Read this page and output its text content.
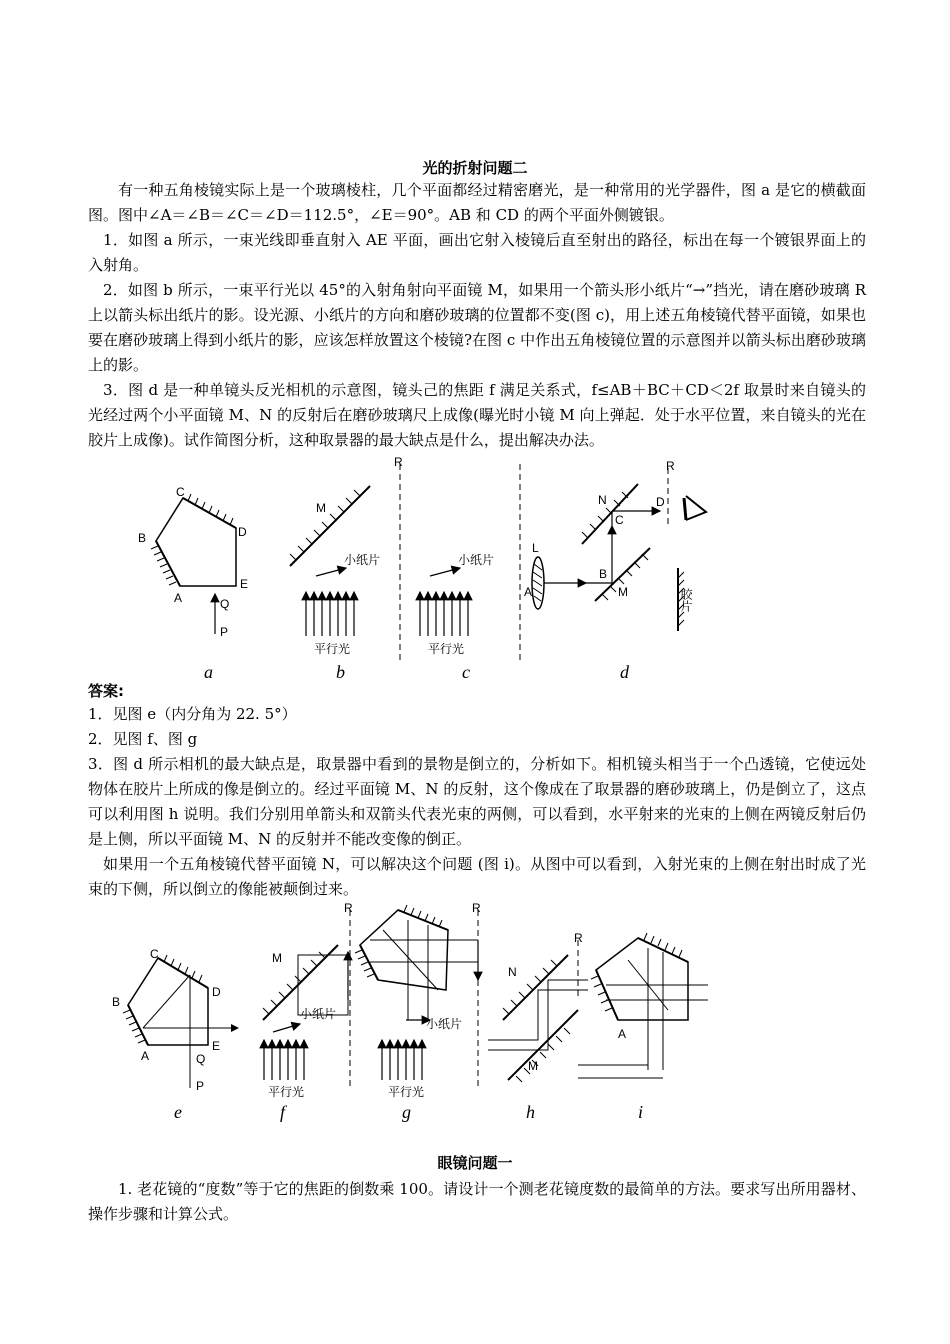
光的折射问题二
有一种五角棱镜实际上是一个玻璃棱柱，几个平面都经过精密磨光，是一种常用的光学器件，图 a 是它的横截面图。图中∠A＝∠B＝∠C＝∠D＝112.5°，∠E＝90°。AB 和 CD 的两个平面外侧镀银。
1．如图 a 所示，一束光线即垂直射入 AE 平面，画出它射入棱镜后直至射出的路径，标出在每一个镀银界面上的入射角。
2．如图 b 所示，一束平行光以 45°的入射角射向平面镜 M，如果用一个箭头形小纸片“→”挡光，请在磨砂玻璃 R 上以箭头标出纸片的影。设光源、小纸片的方向和磨砂玻璃的位置都不变(图 c)，用上述五角棱镜代替平面镜，如果也要在磨砂玻璃上得到小纸片的影，应该怎样放置这个棱镜?在图 c 中作出五角棱镜位置的示意图并以箭头标出磨砂玻璃上的影。
3．图 d 是一种单镜头反光相机的示意图，镜头己的焦距 f 满足关系式，f≤AB＋BC＋CD＜2f 取景时来自镜头的光经过两个小平面镜 M、N 的反射后在磨砂玻璃尺上成像(曝光时小镜 M 向上弹起．处于水平位置，来自镜头的光在胶片上成像)。试作简图分析，这种取景器的最大缺点是什么，提出解决办法。
A
B
C
D
E
P
Q
a
M
R
小纸片
平行光
b
小纸片
平行光
c
L
A	M
B
N
C
D
R
胶片
d
答案:
1．见图 e（内分角为 22. 5°）
2．见图 f、图 g
3．图 d 所示相机的最大缺点是，取景器中看到的景物是倒立的，分析如下。相机镜头相当于一个凸透镜，它使远处物体在胶片上所成的像是倒立的。经过平面镜 M、N 的反射，这个像成在了取景器的磨砂玻璃上，仍是倒立了，这点可以利用图 h 说明。我们分别用单箭头和双箭头代表光束的两侧，可以看到，水平射来的光束的上侧在两镜反射后仍是上侧，所以平面镜 M、N 的反射并不能改变像的倒正。
如果用一个五角棱镜代替平面镜 N，可以解决这个问题 (图 i)。从图中可以看到，入射光束的上侧在射出时成了光束的下侧，所以倒立的像能被颠倒过来。
A
B
C
D
E
P
Q
e
M
R
小纸片
平行光
f
R
小纸片
平行光
g
N
M
R
h
A
i
眼镜问题一
1. 老花镜的“度数”等于它的焦距的倒数乘 100。请设计一个测老花镜度数的最简单的方法。要求写出所用器材、操作步骤和计算公式。
